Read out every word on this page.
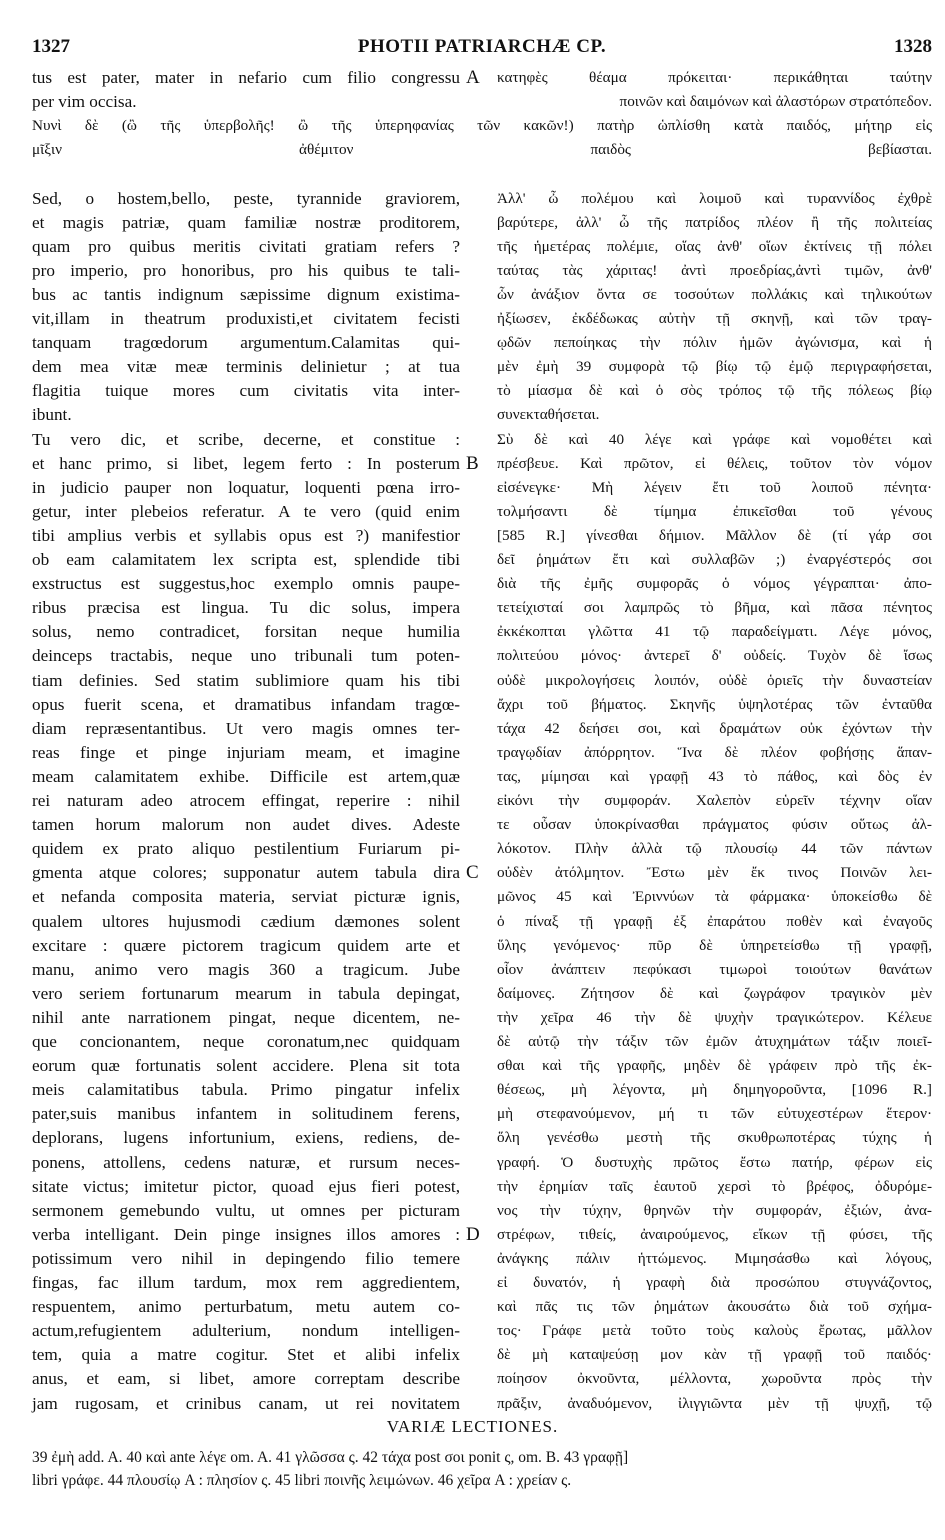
1327	PHOTII PATRIARCHÆ CP.	1328
tus est pater, mater in nefario cum filio congressu
per vim occisa.
Νυνὶ δὲ (ὢ τῆς ὑπερβολῆς! ὢ τῆς ὑπερηφανίας τῶν κακῶν!) πατὴρ ὡπλίσθη κατὰ παιδός, μήτηρ εἰς
μῖξιν ἀθέμιτον παιδὸς βεβίασται.
Sed, o hostem,bello, peste, tyrannide graviorem,
et magis patriæ, quam familiæ nostræ proditorem,
quam pro quibus meritis civitati gratiam refers ?
pro imperio, pro honoribus, pro his quibus te tali-
bus ac tantis indignum sæpissime dignum existima-
vit,illam in theatrum produxisti,et civitatem fecisti
tanquam tragœdorum argumentum.Calamitas qui-
dem mea vitæ meæ terminis delinietur ; at tua
flagitia tuique mores cum civitatis vita inter-
ibunt.
Tu vero dic, et scribe, decerne, et constitue :
et hanc primo, si libet, legem ferto : In posterum
in judicio pauper non loquatur, loquenti pœna irro-
getur, inter plebeios referatur. A te vero (quid enim
tibi amplius verbis et syllabis opus est ?) manifestior
ob eam calamitatem lex scripta est, splendide tibi
exstructus est suggestus,hoc exemplo omnis paupe-
ribus præcisa est lingua. Tu dic solus, impera
solus, nemo contradicet, forsitan neque humilia
deinceps tractabis, neque uno tribunali tum poten-
tiam definies. Sed statim sublimiore quam his tibi
opus fuerit scena, et dramatibus infandam tragœ-
diam repræsentantibus. Ut vero magis omnes ter-
reas finge et pinge injuriam meam, et imagine
meam calamitatem exhibe. Difficile est artem,quæ
rei naturam adeo atrocem effingat, reperire : nihil
tamen horum malorum non audet dives. Adeste
quidem ex prato aliquo pestilentium Furiarum pi-
gmenta atque colores; supponatur autem tabula dira
et nefanda composita materia, serviat picturæ ignis,
qualem ultores hujusmodi cædium dæmones solent
excitare : quære pictorem tragicum quidem arte et
manu, animo vero magis 360 a tragicum. Jube
vero seriem fortunarum mearum in tabula depingat,
nihil ante narrationem pingat, neque dicentem, ne-
que concionantem, neque coronatum,nec quidquam
eorum quæ fortunatis solent accidere. Plena sit tota
meis calamitatibus tabula. Primo pingatur infelix
pater,suis manibus infantem in solitudinem ferens,
deplorans, lugens infortunium, exiens, rediens, de-
ponens, attollens, cedens naturæ, et rursum neces-
sitate victus; imitetur pictor, quoad ejus fieri potest,
sermonem gemebundo vultu, ut omnes per picturam
verba intelligant. Dein pinge insignes illos amores :
potissimum vero nihil in depingendo filio temere
fingas, fac illum tardum, mox rem aggredientem,
respuentem, animo perturbatum, metu autem co-
actum,refugientem adulterium, nondum intelligen-
tem, quia a matre cogitur. Stet et alibi infelix
anus, et eam, si libet, amore correptam describe
jam rugosam, et crinibus canam, ut rei novitatem
κατηφὲς θέαμα πρόκειται· περικάθηται ταύτην
ποινῶν καὶ δαιμόνων καὶ ἀλαστόρων στρατόπεδον.
Ἀλλ' ὦ πολέμου καὶ λοιμοῦ καὶ τυραννίδος ἐχθρὲ
βαρύτερε, ἀλλ' ὦ τῆς πατρίδος πλέον ἢ τῆς πολιτείας
τῆς ἡμετέρας πολέμιε, οἵας ἀνθ' οἵων ἐκτίνεις τῇ πόλει
ταύτας τὰς χάριτας! ἀντὶ προεδρίας,ἀντὶ τιμῶν, ἀνθ'
ὧν ἀνάξιον ὄντα σε τοσούτων πολλάκις καὶ τηλικούτων
ἠξίωσεν, ἐκδέδωκας αὐτὴν τῇ σκηνῇ, καὶ τῶν τραγ-
ῳδῶν πεποίηκας τὴν πόλιν ἡμῶν ἀγώνισμα, καὶ ἡ
μὲν ἐμὴ 39 συμφορὰ τῷ βίῳ τῷ ἐμῷ περιγραφήσεται,
τὸ μίασμα δὲ καὶ ὁ σὸς τρόπος τῷ τῆς πόλεως βίῳ
συνεκταθήσεται.
Σὺ δὲ καὶ 40 λέγε καὶ γράφε καὶ νομοθέτει καὶ
πρέσβευε. Καὶ πρῶτον, εἰ θέλεις, τοῦτον τὸν νόμον
εἰσένεγκε· Μὴ λέγειν ἔτι τοῦ λοιποῦ πένητα·
τολμήσαντι δὲ τίμημα ἐπικεῖσθαι τοῦ γένους
[585 R.] γίνεσθαι δήμιον. Μᾶλλον δὲ (τί γάρ σοι
δεῖ ῥημάτων ἔτι καὶ συλλαβῶν ;) ἐναργέστερός σοι
διὰ τῆς ἐμῆς συμφορᾶς ὁ νόμος γέγραπται· ἀπο-
τετείχισταί σοι λαμπρῶς τὸ βῆμα, καὶ πᾶσα πένητος
ἐκκέκοπται γλῶττα 41 τῷ παραδείγματι. Λέγε μόνος,
πολιτεύου μόνος· ἀντερεῖ δ' οὐδείς. Τυχὸν δὲ ἴσως
οὐδὲ μικρολογήσεις λοιπόν, οὐδὲ ὁριεῖς τὴν δυναστείαν
ἄχρι τοῦ βήματος. Σκηνῆς ὑψηλοτέρας τῶν ἐνταῦθα
τάχα 42 δεήσει σοι, καὶ δραμάτων οὐκ ἐχόντων τὴν
τραγῳδίαν ἀπόρρητον. Ἵνα δὲ πλέον φοβήσῃς ἅπαν-
τας, μίμησαι καὶ γραφῇ 43 τὸ πάθος, καὶ δὸς ἐν
εἰκόνι τὴν συμφοράν. Χαλεπὸν εὑρεῖν τέχνην οἵαν
τε οὖσαν ὑποκρίνασθαι πράγματος φύσιν οὕτως ἀλ-
λόκοτον. Πλὴν ἀλλὰ τῷ πλουσίῳ 44 τῶν πάντων
οὐδὲν ἀτόλμητον. Ἔστω μὲν ἔκ τινος Ποινῶν λει-
μῶνος 45 καὶ Ἐριννύων τὰ φάρμακα· ὑποκείσθω δὲ
ὁ πίναξ τῇ γραφῇ ἐξ ἐπαράτου ποθὲν καὶ ἐναγοῦς
ὕλης γενόμενος· πῦρ δὲ ὑπηρετείσθω τῇ γραφῇ,
οἷον ἀνάπτειν πεφύκασι τιμωροὶ τοιούτων θανάτων
δαίμονες. Ζήτησον δὲ καὶ ζωγράφον τραγικὸν μὲν
τὴν χεῖρα 46 τὴν δὲ ψυχὴν τραγικώτερον. Κέλευε
δὲ αὐτῷ τὴν τάξιν τῶν ἐμῶν ἀτυχημάτων τάξιν ποιεῖ-
σθαι καὶ τῆς γραφῆς, μηδὲν δὲ γράφειν πρὸ τῆς ἐκ-
θέσεως, μὴ λέγοντα, μὴ δημηγοροῦντα, [1096 R.]
μὴ στεφανούμενον, μή τι τῶν εὐτυχεστέρων ἕτερον·
ὅλη γενέσθω μεστὴ τῆς σκυθρωποτέρας τύχης ἡ
γραφή. Ὁ δυστυχὴς πρῶτος ἔστω πατήρ, φέρων εἰς
τὴν ἐρημίαν ταῖς ἑαυτοῦ χερσὶ τὸ βρέφος, ὀδυρόμε-
νος τὴν τύχην, θρηνῶν τὴν συμφοράν, ἐξιών, ἀνα-
στρέφων, τιθείς, ἀναιρούμενος, εἴκων τῇ φύσει, τῆς
ἀνάγκης πάλιν ἡττώμενος. Μιμησάσθω καὶ λόγους,
εἰ δυνατόν, ἡ γραφὴ διὰ προσώπου στυγνάζοντος,
καὶ πᾶς τις τῶν ῥημάτων ἀκουσάτω διὰ τοῦ σχήμα-
τος· Γράφε μετὰ τοῦτο τοὺς καλοὺς ἔρωτας, μᾶλλον
δὲ μὴ καταψεύσῃ μον κὰν τῇ γραφῇ τοῦ παιδός·
ποίησον ὀκνοῦντα, μέλλοντα, χωροῦντα πρὸς τὴν
πρᾶξιν, ἀναδυόμενον, ἰλιγγιῶντα μὲν τῇ ψυχῇ, τῷ
A
B
C
D
VARIÆ LECTIONES.
39 ἐμὴ add. A. 40 καὶ ante λέγε om. A. 41 γλῶσσα ς. 42 τάχα post σοι ponit ς, om. B. 43 γραφῇ]
libri γράφε. 44 πλουσίῳ A : πλησίον ς. 45 libri ποινῆς λειμώνων. 46 χεῖρα A : χρείαν ς.
